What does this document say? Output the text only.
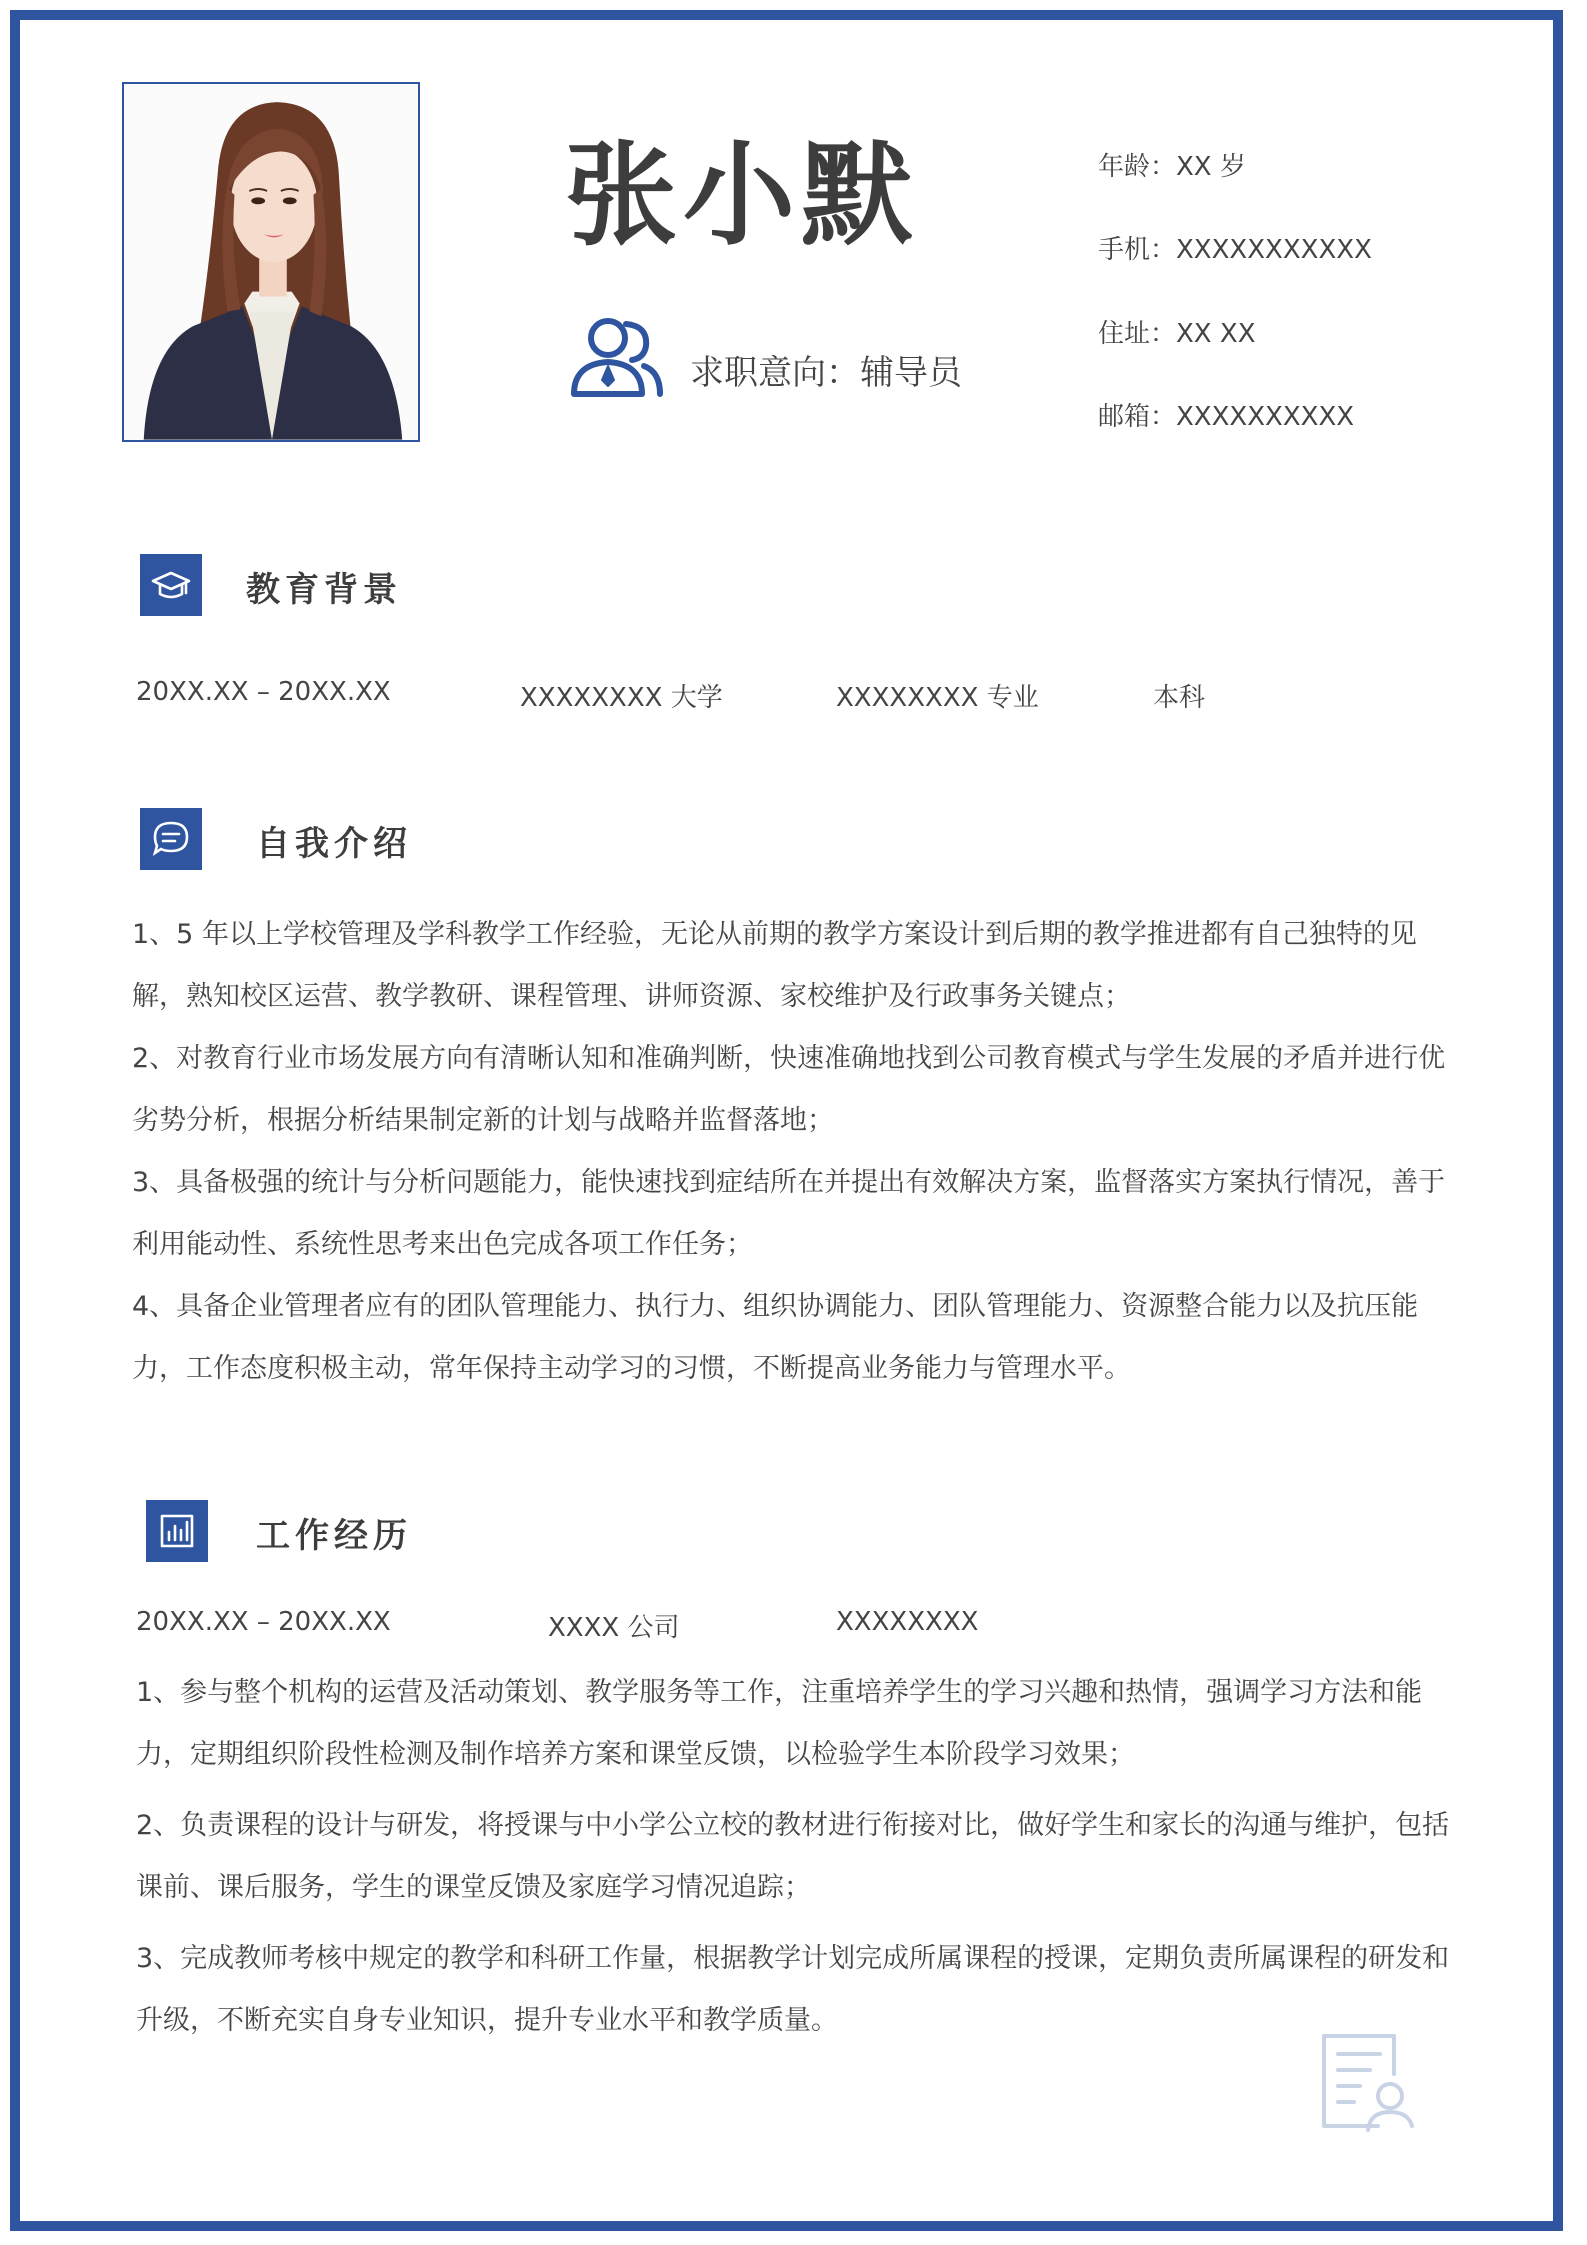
张小默
求职意向：辅导员
年龄：XX 岁
手机：XXXXXXXXXXX
住址：XX XX
邮箱：XXXXXXXXXX
教育背景
20XX.XX – 20XX.XX	XXXXXXXX 大学	XXXXXXXX 专业	本科
自我介绍

1、5 年以上学校管理及学科教学工作经验，无论从前期的教学方案设计到后期的教学推进都有自己独特的见解，熟知校区运营、教学教研、课程管理、讲师资源、家校维护及行政事务关键点；

2、对教育行业市场发展方向有清晰认知和准确判断，快速准确地找到公司教育模式与学生发展的矛盾并进行优劣势分析，根据分析结果制定新的计划与战略并监督落地；

3、具备极强的统计与分析问题能力，能快速找到症结所在并提出有效解决方案，监督落实方案执行情况，善于利用能动性、系统性思考来出色完成各项工作任务；

4、具备企业管理者应有的团队管理能力、执行力、组织协调能力、团队管理能力、资源整合能力以及抗压能力，工作态度积极主动，常年保持主动学习的习惯，不断提高业务能力与管理水平。

工作经历
20XX.XX – 20XX.XX	XXXX 公司	XXXXXXXX

1、参与整个机构的运营及活动策划、教学服务等工作，注重培养学生的学习兴趣和热情，强调学习方法和能力，定期组织阶段性检测及制作培养方案和课堂反馈，以检验学生本阶段学习效果；

2、负责课程的设计与研发，将授课与中小学公立校的教材进行衔接对比，做好学生和家长的沟通与维护，包括课前、课后服务，学生的课堂反馈及家庭学习情况追踪；

3、完成教师考核中规定的教学和科研工作量，根据教学计划完成所属课程的授课，定期负责所属课程的研发和升级，不断充实自身专业知识，提升专业水平和教学质量。
